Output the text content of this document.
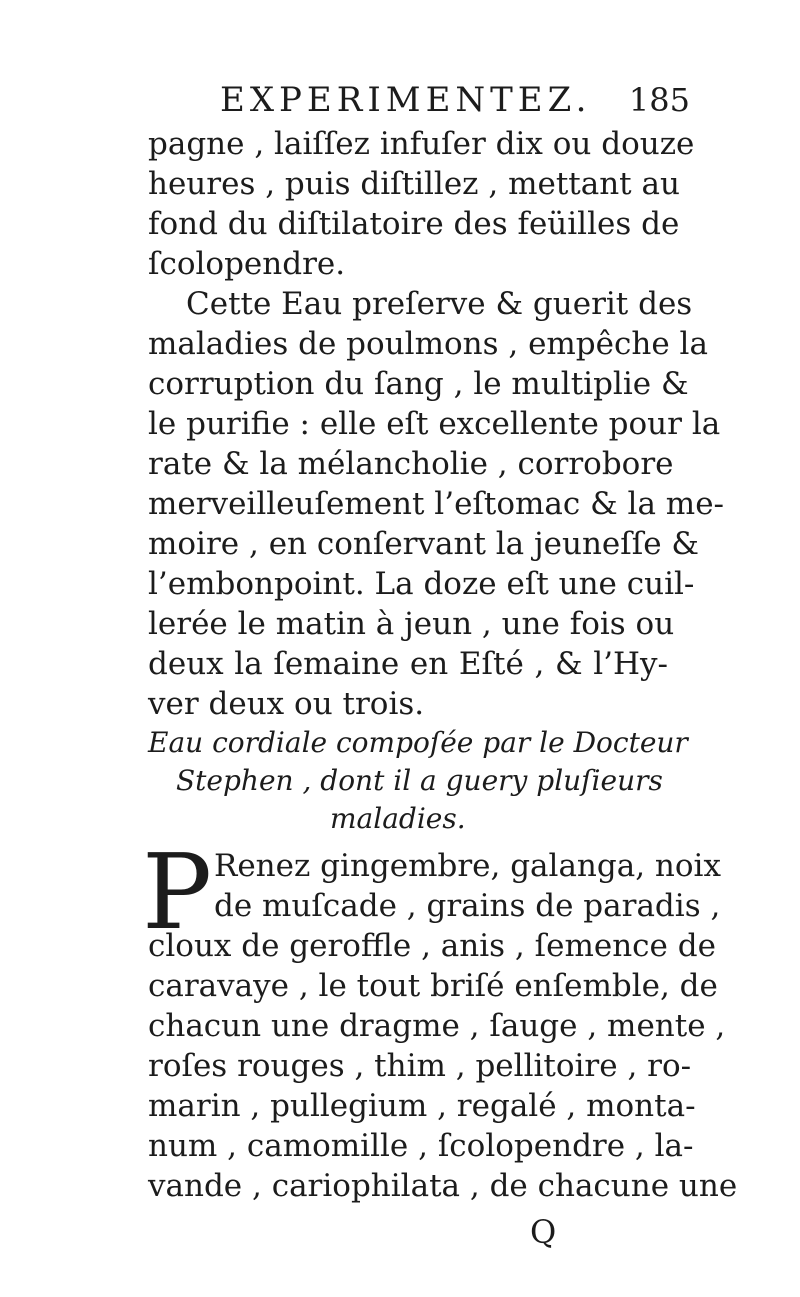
EXPERIMENTEZ. 185
pagne , laiſſez infuſer dix ou douze
heures , puis diſtillez , mettant au
fond du diſtilatoire des feüilles de
ſcolopendre.
Cette Eau preſerve & guerit des
maladies de poulmons , empêche la
corruption du ſang , le multiplie &
le purifie : elle eſt excellente pour la
rate & la mélancholie , corrobore
merveilleuſement l’eſtomac & la me-
moire , en conſervant la jeuneſſe &
l’embonpoint. La doze eſt une cuil-
lerée le matin à jeun , une fois ou
deux la ſemaine en Eſté , & l’Hy-
ver deux ou trois.
Eau cordiale compoſée par le Docteur
Stephen , dont il a guery pluſieurs
maladies.
P Renez gingembre, galanga, noix
de muſcade , grains de paradis ,
cloux de geroffle , anis , ſemence de
caravaye , le tout briſé enſemble, de
chacun une dragme , ſauge , mente ,
roſes rouges , thim , pellitoire , ro-
marin , pullegium , regalé , monta-
num , camomille , ſcolopendre , la-
vande , cariophilata , de chacune une
Q
